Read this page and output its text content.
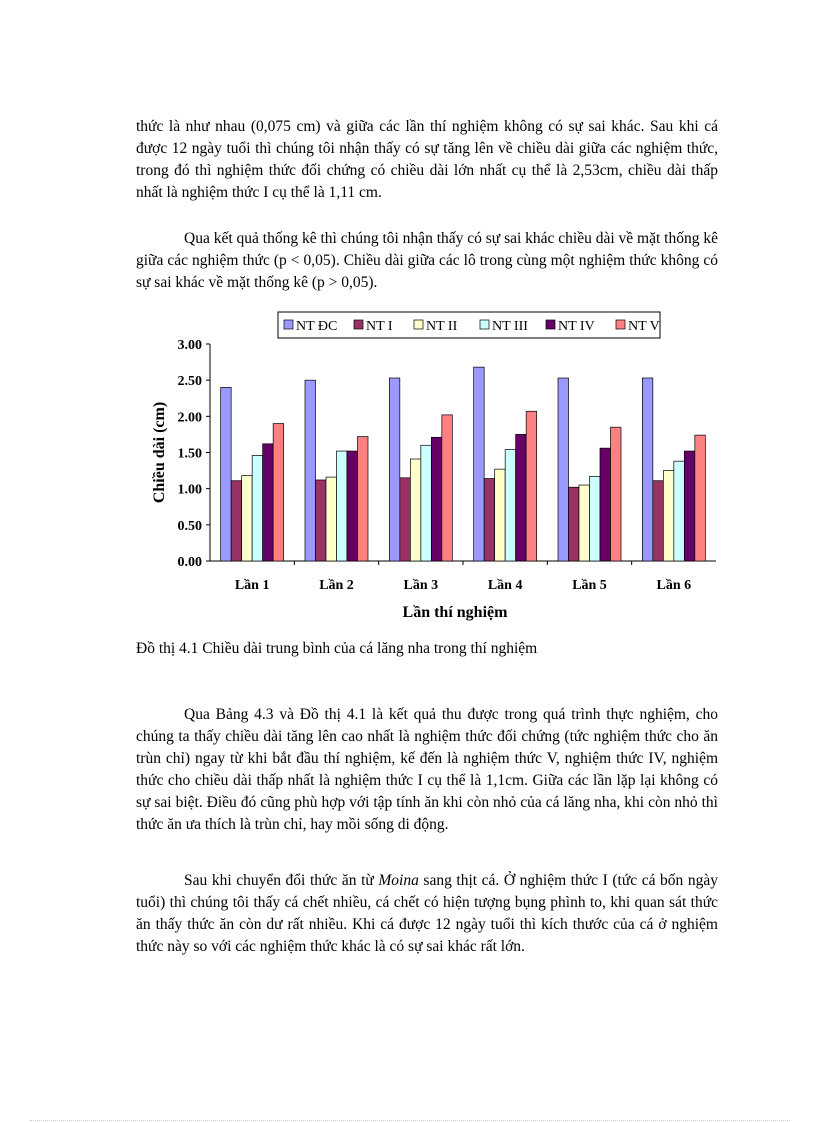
thức là như nhau (0,075 cm) và giữa các lần thí nghiệm không có sự sai khác. Sau khi cá được 12 ngày tuổi thì chúng tôi nhận thấy có sự tăng lên về chiều dài giữa các nghiệm thức, trong đó thì nghiệm thức đối chứng có chiều dài lớn nhất cụ thể là 2,53cm, chiều dài thấp nhất là nghiệm thức I cụ thể là 1,11 cm.

Qua kết quả thống kê thì chúng tôi nhận thấy có sự sai khác chiều dài về mặt thống kê giữa các nghiệm thức (p < 0,05). Chiều dài giữa các lô trong cùng một nghiệm thức không có sự sai khác về mặt thống kê (p > 0,05).

0.00
0.50
1.00
1.50
2.00
2.50
3.00
Lần 1	Lần 2	Lần 3	Lần 4	Lần 5	Lần 6
Lần thí nghiệm
Chiều dài (cm)
NT ĐC NT I NT II NT III NT IV NT V

Đồ thị 4.1 Chiều dài trung bình của cá lăng nha trong thí nghiệm

Qua Bảng 4.3 và Đồ thị 4.1 là kết quả thu được trong quá trình thực nghiệm, cho chúng ta thấy chiều dài tăng lên cao nhất là nghiệm thức đối chứng (tức nghiệm thức cho ăn trùn chỉ) ngay từ khi bắt đầu thí nghiệm, kế đến là nghiệm thức V, nghiệm thức IV, nghiệm thức cho chiều dài thấp nhất là nghiệm thức I cụ thể là 1,1cm. Giữa các lần lặp lại không có sự sai biệt. Điều đó cũng phù hợp với tập tính ăn khi còn nhỏ của cá lăng nha, khi còn nhỏ thì thức ăn ưa thích là trùn chỉ, hay mồi sống di động.

Sau khi chuyển đổi thức ăn từ Moina sang thịt cá. Ở nghiệm thức I (tức cá bốn ngày tuổi) thì chúng tôi thấy cá chết nhiều, cá chết có hiện tượng bụng phình to, khi quan sát thức ăn thấy thức ăn còn dư rất nhiều. Khi cá được 12 ngày tuổi thì kích thước của cá ở nghiệm thức này so với các nghiệm thức khác là có sự sai khác rất lớn.
